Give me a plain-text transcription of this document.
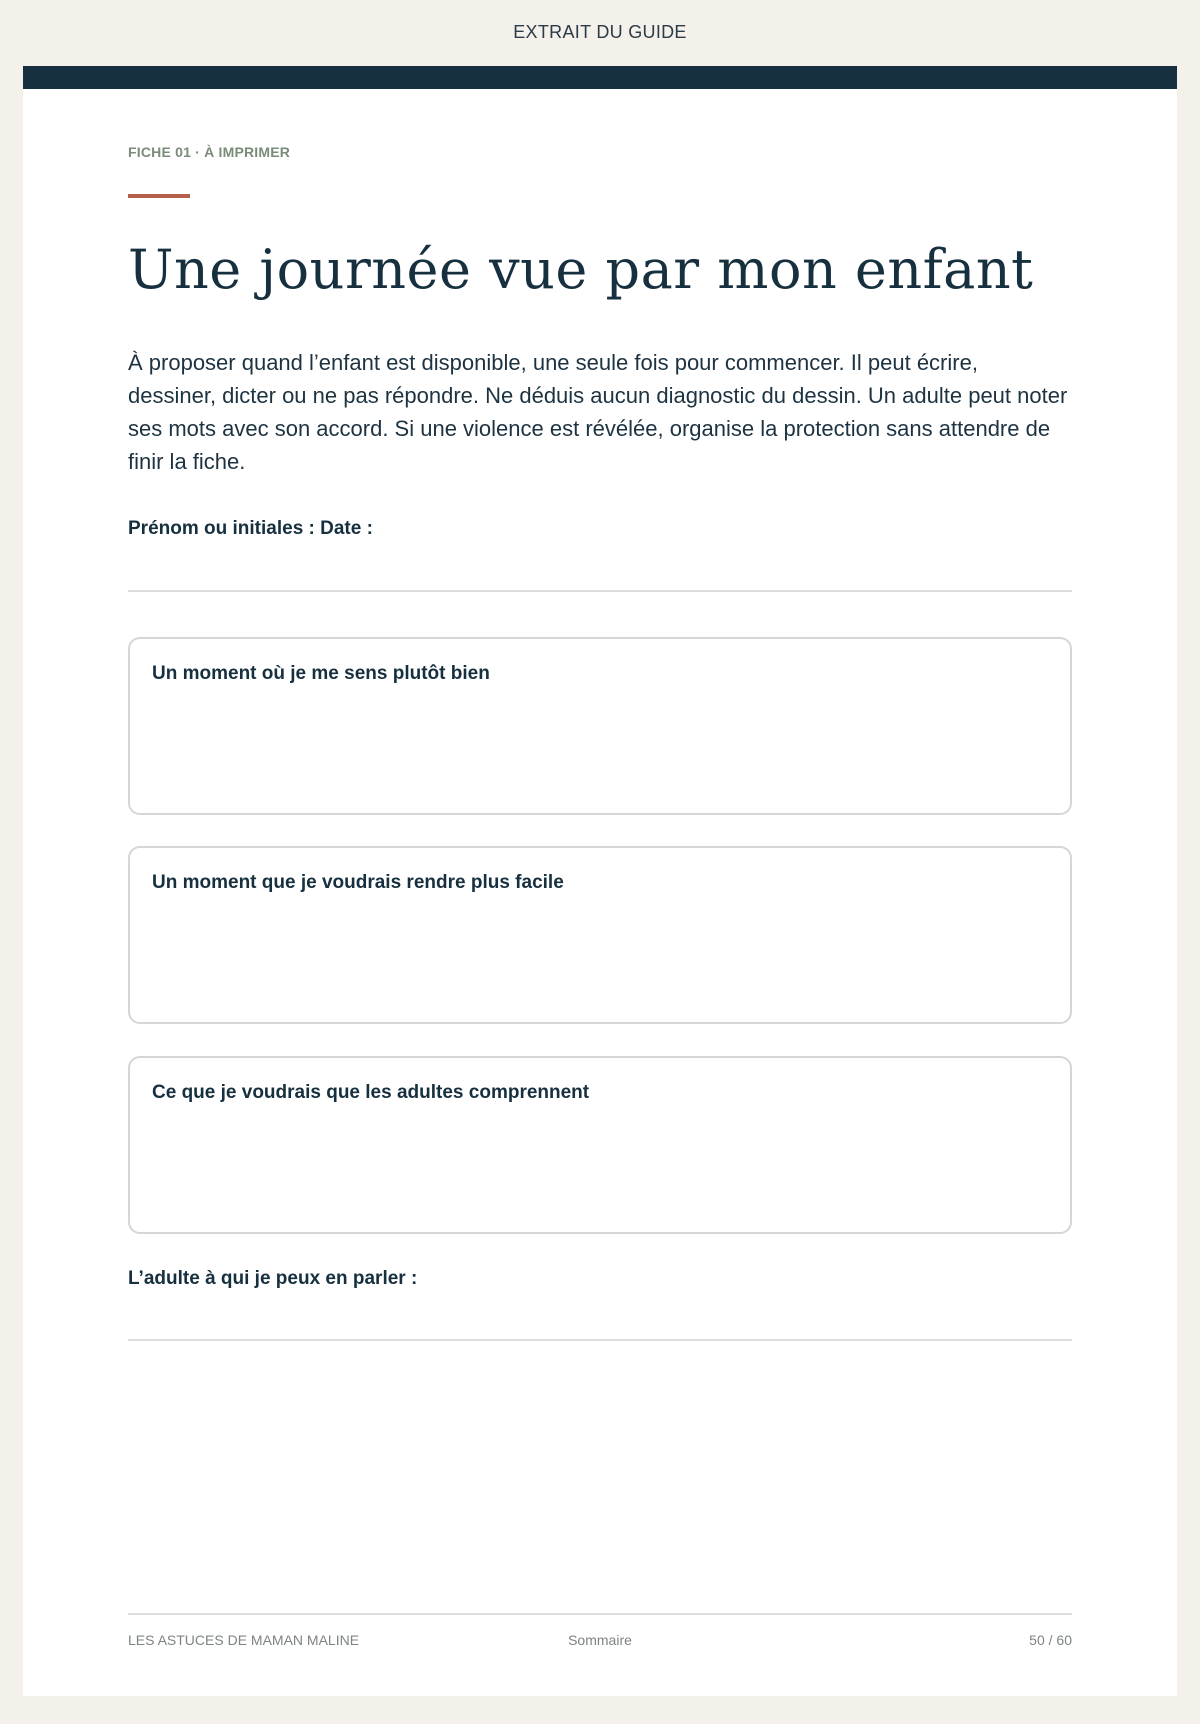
EXTRAIT DU GUIDE
FICHE 01 · À IMPRIMER
Une journée vue par mon enfant

À proposer quand l’enfant est disponible, une seule fois pour commencer. Il peut écrire, dessiner, dicter ou ne pas répondre. Ne déduis aucun diagnostic du dessin. Un adulte peut noter ses mots avec son accord. Si une violence est révélée, organise la protection sans attendre de finir la fiche.

Prénom ou initiales : Date :
Un moment où je me sens plutôt bien
Un moment que je voudrais rendre plus facile
Ce que je voudrais que les adultes comprennent
L’adulte à qui je peux en parler :
LES ASTUCES DE MAMAN MALINE	Sommaire	50 / 60
